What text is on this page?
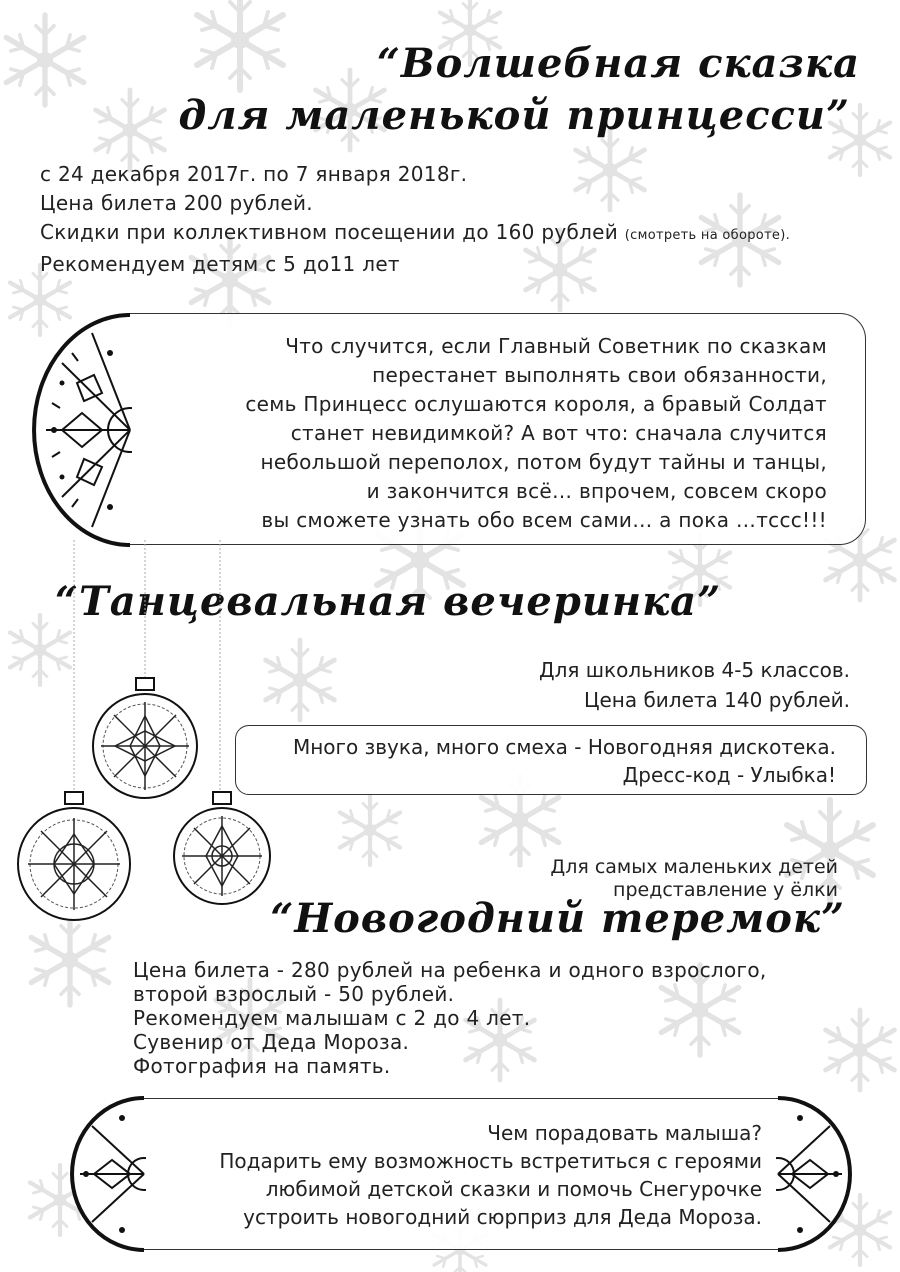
“Волшебная сказка
для маленькой принцесси”
с 24 декабря 2017г. по 7 января 2018г.
Цена билета 200 рублей.
Скидки при коллективном посещении до 160 рублей (смотреть на обороте).
Рекомендуем детям с 5 до11 лет
Что случится, если Главный Советник по сказкам
перестанет выполнять свои обязанности,
семь Принцесс ослушаются короля, а бравый Солдат
станет невидимкой? А вот что: сначала случится
небольшой переполох, потом будут тайны и танцы,
и закончится всё… впрочем, совсем скоро
вы сможете узнать обо всем сами… а пока …тссс!!!
“Танцевальная вечеринка”
Для школьников 4-5 классов.
Цена билета 140 рублей.
Много звука, много смеха - Новогодняя дискотека.
Дресс-код - Улыбка!
Для самых маленьких детей
представление у ёлки
“Новогодний теремок”
Цена билета - 280 рублей на ребенка и одного взрослого,
второй взрослый - 50 рублей.
Рекомендуем малышам с 2 до 4 лет.
Сувенир от Деда Мороза.
Фотография на память.
Чем порадовать малыша?
Подарить ему возможность встретиться с героями
любимой детской сказки и помочь Снегурочке
устроить новогодний сюрприз для Деда Мороза.
